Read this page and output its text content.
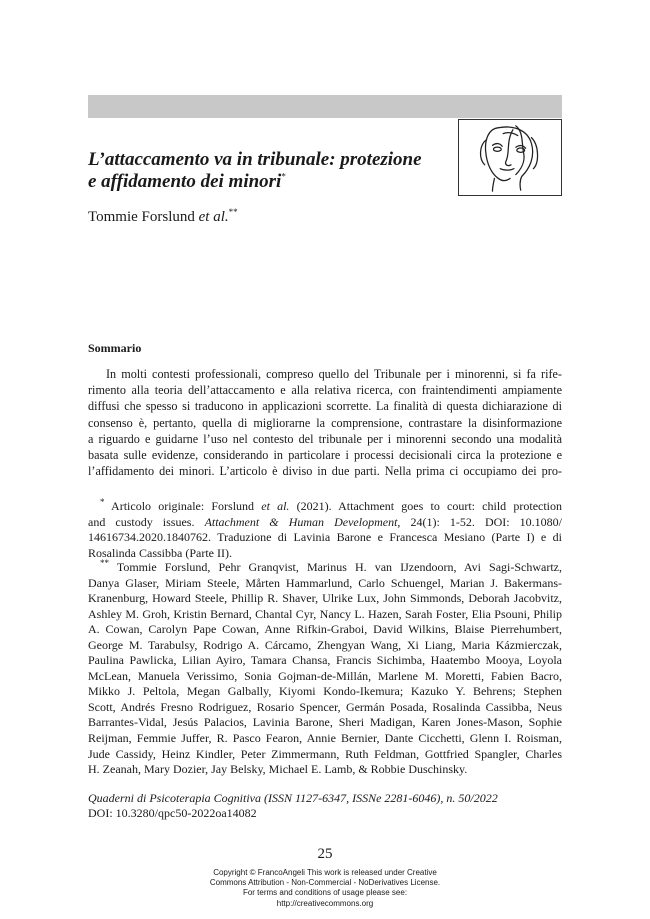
L’attaccamento va in tribunale: protezione
e affidamento dei minori*
Tommie Forslund et al.**
Sommario
In molti contesti professionali, compreso quello del Tribunale per i minorenni, si fa rife-
rimento alla teoria dell’attaccamento e alla relativa ricerca, con fraintendimenti ampiamente
diffusi che spesso si traducono in applicazioni scorrette. La finalità di questa dichiarazione di
consenso è, pertanto, quella di migliorarne la comprensione, contrastare la disinformazione
a riguardo e guidarne l’uso nel contesto del tribunale per i minorenni secondo una modalità
basata sulle evidenze, considerando in particolare i processi decisionali circa la protezione e
l’affidamento dei minori. L’articolo è diviso in due parti. Nella prima ci occupiamo dei pro-
* Articolo originale: Forslund et al. (2021). Attachment goes to court: child protection
and custody issues. Attachment & Human Development, 24(1): 1-52. DOI: 10.1080/
14616734.2020.1840762. Traduzione di Lavinia Barone e Francesca Mesiano (Parte I) e di
Rosalinda Cassibba (Parte II).
** Tommie Forslund, Pehr Granqvist, Marinus H. van IJzendoorn, Avi Sagi-Schwartz,
Danya Glaser, Miriam Steele, Mårten Hammarlund, Carlo Schuengel, Marian J. Bakermans-
Kranenburg, Howard Steele, Phillip R. Shaver, Ulrike Lux, John Simmonds, Deborah Jacobvitz,
Ashley M. Groh, Kristin Bernard, Chantal Cyr, Nancy L. Hazen, Sarah Foster, Elia Psouni, Philip
A. Cowan, Carolyn Pape Cowan, Anne Rifkin-Graboi, David Wilkins, Blaise Pierrehumbert,
George M. Tarabulsy, Rodrigo A. Cárcamo, Zhengyan Wang, Xi Liang, Maria Kázmierczak,
Paulina Pawlicka, Lilian Ayiro, Tamara Chansa, Francis Sichimba, Haatembo Mooya, Loyola
McLean, Manuela Verissimo, Sonia Gojman-de-Millán, Marlene M. Moretti, Fabien Bacro,
Mikko J. Peltola, Megan Galbally, Kiyomi Kondo-Ikemura; Kazuko Y. Behrens; Stephen
Scott, Andrés Fresno Rodriguez, Rosario Spencer, Germán Posada, Rosalinda Cassibba, Neus
Barrantes-Vidal, Jesús Palacios, Lavinia Barone, Sheri Madigan, Karen Jones-Mason, Sophie
Reijman, Femmie Juffer, R. Pasco Fearon, Annie Bernier, Dante Cicchetti, Glenn I. Roisman,
Jude Cassidy, Heinz Kindler, Peter Zimmermann, Ruth Feldman, Gottfried Spangler, Charles
H. Zeanah, Mary Dozier, Jay Belsky, Michael E. Lamb, & Robbie Duschinsky.
Quaderni di Psicoterapia Cognitiva (ISSN 1127-6347, ISSNe 2281-6046), n. 50/2022
DOI: 10.3280/qpc50-2022oa14082
25
Copyright © FrancoAngeli This work is released under Creative
Commons Attribution - Non-Commercial - NoDerivatives License.
For terms and conditions of usage please see:
http://creativecommons.org
